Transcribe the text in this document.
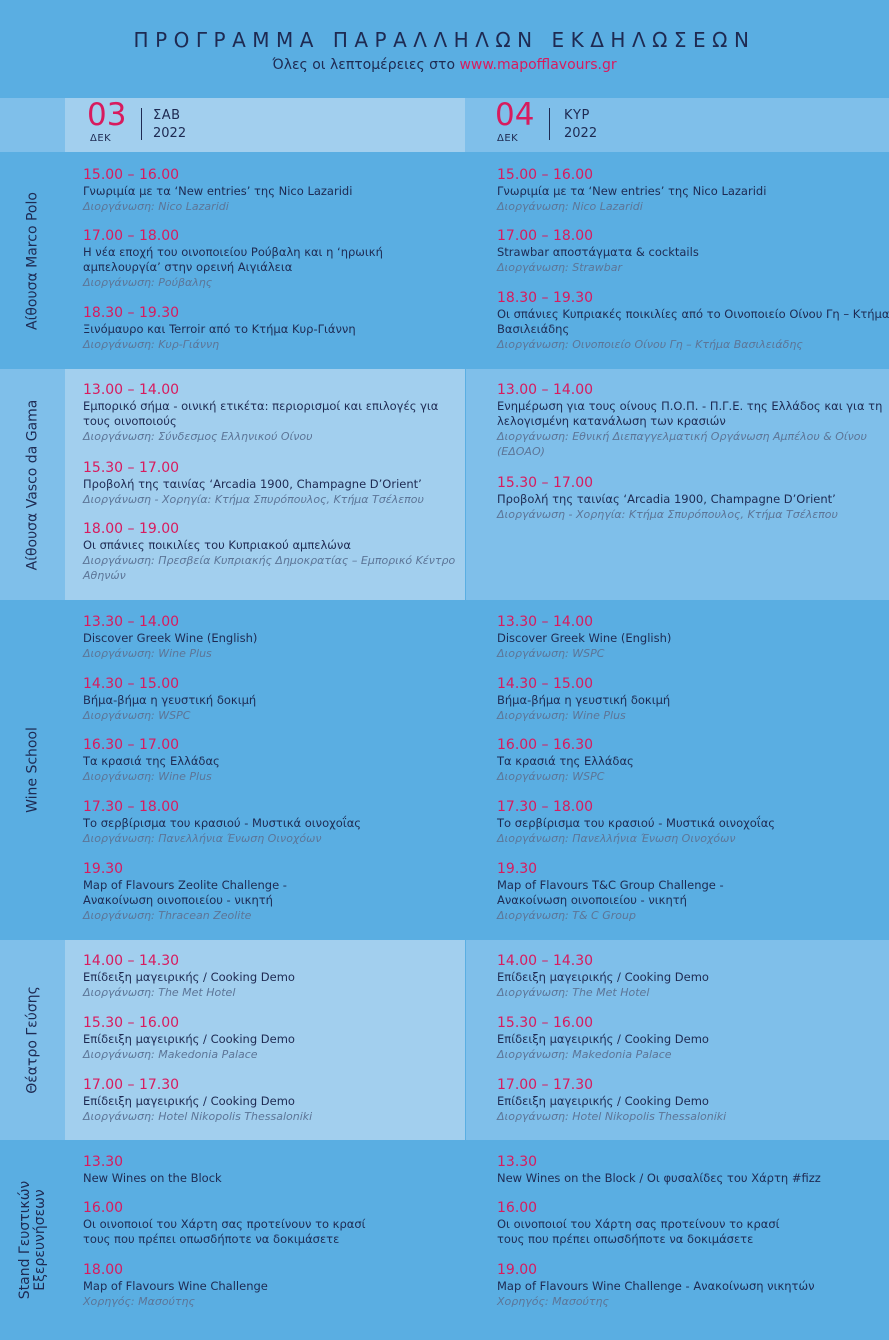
ΠΡΟΓΡΑΜΜΑ ΠΑΡΑΛΛΗΛΩΝ ΕΚΔΗΛΩΣΕΩΝ
Όλες οι λεπτομέρειες στο www.mapofflavours.gr
03
ΔΕΚ
ΣΑΒ
2022
04
ΔΕΚ
ΚΥΡ
2022
Αίθουσα Marco Polo
15.00 – 16.00
Γνωριμία με τα ‘New entries’ της Nico Lazaridi
Διοργάνωση: Nico Lazaridi
17.00 – 18.00
Η νέα εποχή του οινοποιείου Ρούβαλη και η ‘ηρωική αμπελουργία’ στην ορεινή Αιγιάλεια
Διοργάνωση: Ρούβαλης
18.30 – 19.30
Ξινόμαυρο και Terroir από το Κτήμα Κυρ-Γιάννη
Διοργάνωση: Κυρ-Γιάννη
15.00 – 16.00
Γνωριμία με τα ‘New entries’ της Nico Lazaridi
Διοργάνωση: Nico Lazaridi
17.00 – 18.00
Strawbar αποστάγματα & cocktails
Διοργάνωση: Strawbar
18.30 – 19.30
Οι σπάνιες Κυπριακές ποικιλίες από το Οινοποιείο Οίνου Γη – Κτήμα Βασιλειάδης
Διοργάνωση: Οινοποιείο Οίνου Γη – Κτήμα Βασιλειάδης
Αίθουσα Vasco da Gama
13.00 – 14.00
Εμπορικό σήμα - οινική ετικέτα: περιορισμοί και επιλογές για τους οινοποιούς
Διοργάνωση: Σύνδεσμος Ελληνικού Οίνου
15.30 – 17.00
Προβολή της ταινίας ‘Arcadia 1900, Champagne D’Orient’
Διοργάνωση - Χορηγία: Κτήμα Σπυρόπουλος, Κτήμα Τσέλεπου
18.00 – 19.00
Οι σπάνιες ποικιλίες του Κυπριακού αμπελώνα
Διοργάνωση: Πρεσβεία Κυπριακής Δημοκρατίας – Εμπορικό Κέντρο Αθηνών
13.00 – 14.00
Ενημέρωση για τους οίνους Π.Ο.Π. - Π.Γ.Ε. της Ελλάδος και για τη λελογισμένη κατανάλωση των κρασιών
Διοργάνωση: Εθνική Διεπαγγελματική Οργάνωση Αμπέλου & Οίνου (ΕΔΟΑΟ)
15.30 – 17.00
Προβολή της ταινίας ‘Arcadia 1900, Champagne D’Orient’
Διοργάνωση - Χορηγία: Κτήμα Σπυρόπουλος, Κτήμα Τσέλεπου
Wine School
13.30 – 14.00
Discover Greek Wine (English)
Διοργάνωση: Wine Plus
14.30 – 15.00
Βήμα-βήμα η γευστική δοκιμή
Διοργάνωση: WSPC
16.30 – 17.00
Τα κρασιά της Ελλάδας
Διοργάνωση: Wine Plus
17.30 – 18.00
Το σερβίρισμα του κρασιού - Μυστικά οινοχοΐας
Διοργάνωση: Πανελλήνια Ένωση Οινοχόων
19.30
Map of Flavours Zeolite Challenge - Ανακοίνωση οινοποιείου - νικητή
Διοργάνωση: Thracean Zeolite
13.30 – 14.00
Discover Greek Wine (English)
Διοργάνωση: WSPC
14.30 – 15.00
Βήμα-βήμα η γευστική δοκιμή
Διοργάνωση: Wine Plus
16.00 – 16.30
Τα κρασιά της Ελλάδας
Διοργάνωση: WSPC
17.30 – 18.00
Το σερβίρισμα του κρασιού - Μυστικά οινοχοΐας
Διοργάνωση: Πανελλήνια Ένωση Οινοχόων
19.30
Map of Flavours T&C Group Challenge - Ανακοίνωση οινοποιείου - νικητή
Διοργάνωση: T& C Group
Θέατρο Γεύσης
14.00 – 14.30
Επίδειξη μαγειρικής / Cooking Demo
Διοργάνωση: The Met Hotel
15.30 – 16.00
Επίδειξη μαγειρικής / Cooking Demo
Διοργάνωση: Makedonia Palace
17.00 – 17.30
Επίδειξη μαγειρικής / Cooking Demo
Διοργάνωση: Hotel Nikopolis Thessaloniki
14.00 – 14.30
Επίδειξη μαγειρικής / Cooking Demo
Διοργάνωση: The Met Hotel
15.30 – 16.00
Επίδειξη μαγειρικής / Cooking Demo
Διοργάνωση: Makedonia Palace
17.00 – 17.30
Επίδειξη μαγειρικής / Cooking Demo
Διοργάνωση: Hotel Nikopolis Thessaloniki
Stand Γευστικών Εξερευνήσεων
13.30
New Wines on the Block
16.00
Οι οινοποιοί του Χάρτη σας προτείνουν το κρασί τους που πρέπει οπωσδήποτε να δοκιμάσετε
18.00
Map of Flavours Wine Challenge
Χορηγός: Μασούτης
13.30
New Wines on the Block / Οι φυσαλίδες του Χάρτη #fizz
16.00
Οι οινοποιοί του Χάρτη σας προτείνουν το κρασί τους που πρέπει οπωσδήποτε να δοκιμάσετε
19.00
Map of Flavours Wine Challenge - Ανακοίνωση νικητών
Χορηγός: Μασούτης
